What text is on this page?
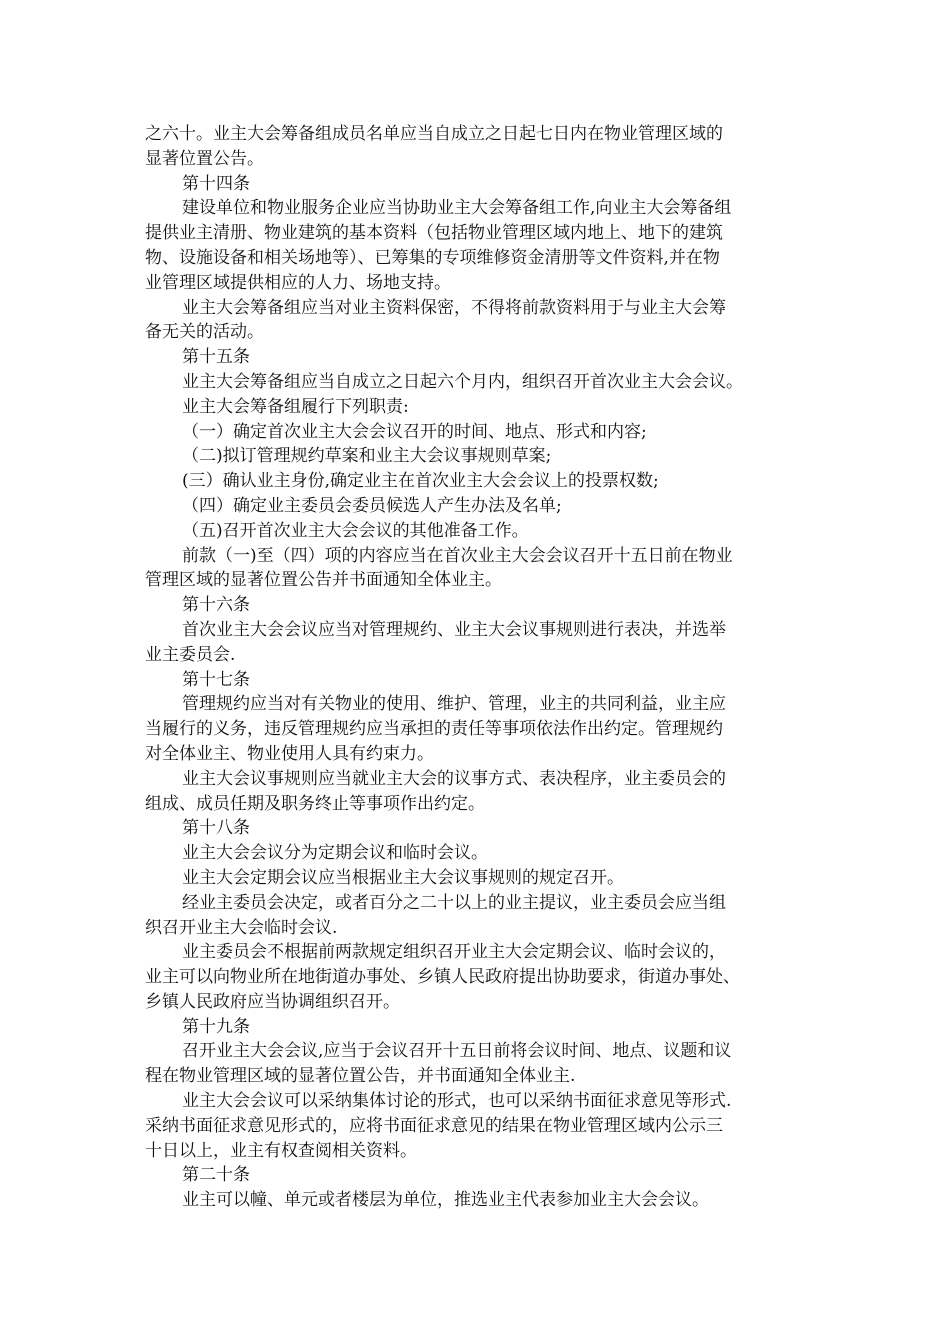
之六十。业主大会筹备组成员名单应当自成立之日起七日内在物业管理区域的
显著位置公告。
第十四条
建设单位和物业服务企业应当协助业主大会筹备组工作,向业主大会筹备组
提供业主清册、物业建筑的基本资料（包括物业管理区域内地上、地下的建筑
物、设施设备和相关场地等）、已筹集的专项维修资金清册等文件资料,并在物
业管理区域提供相应的人力、场地支持。
业主大会筹备组应当对业主资料保密，不得将前款资料用于与业主大会筹
备无关的活动。
第十五条
业主大会筹备组应当自成立之日起六个月内，组织召开首次业主大会会议。
业主大会筹备组履行下列职责:
（一）确定首次业主大会会议召开的时间、地点、形式和内容;
（二)拟订管理规约草案和业主大会议事规则草案;
(三）确认业主身份,确定业主在首次业主大会会议上的投票权数;
（四）确定业主委员会委员候选人产生办法及名单;
（五)召开首次业主大会会议的其他准备工作。
前款（一)至（四）项的内容应当在首次业主大会会议召开十五日前在物业
管理区域的显著位置公告并书面通知全体业主。
第十六条
首次业主大会会议应当对管理规约、业主大会议事规则进行表决，并选举
业主委员会.
第十七条
管理规约应当对有关物业的使用、维护、管理，业主的共同利益，业主应
当履行的义务，违反管理规约应当承担的责任等事项依法作出约定。管理规约
对全体业主、物业使用人具有约束力。
业主大会议事规则应当就业主大会的议事方式、表决程序，业主委员会的
组成、成员任期及职务终止等事项作出约定。
第十八条
业主大会会议分为定期会议和临时会议。
业主大会定期会议应当根据业主大会议事规则的规定召开。
经业主委员会决定，或者百分之二十以上的业主提议，业主委员会应当组
织召开业主大会临时会议.
业主委员会不根据前两款规定组织召开业主大会定期会议、临时会议的，
业主可以向物业所在地街道办事处、乡镇人民政府提出协助要求，街道办事处、
乡镇人民政府应当协调组织召开。
第十九条
召开业主大会会议,应当于会议召开十五日前将会议时间、地点、议题和议
程在物业管理区域的显著位置公告，并书面通知全体业主.
业主大会会议可以采纳集体讨论的形式，也可以采纳书面征求意见等形式.
采纳书面征求意见形式的，应将书面征求意见的结果在物业管理区域内公示三
十日以上，业主有权查阅相关资料。
第二十条
业主可以幢、单元或者楼层为单位，推选业主代表参加业主大会会议。
